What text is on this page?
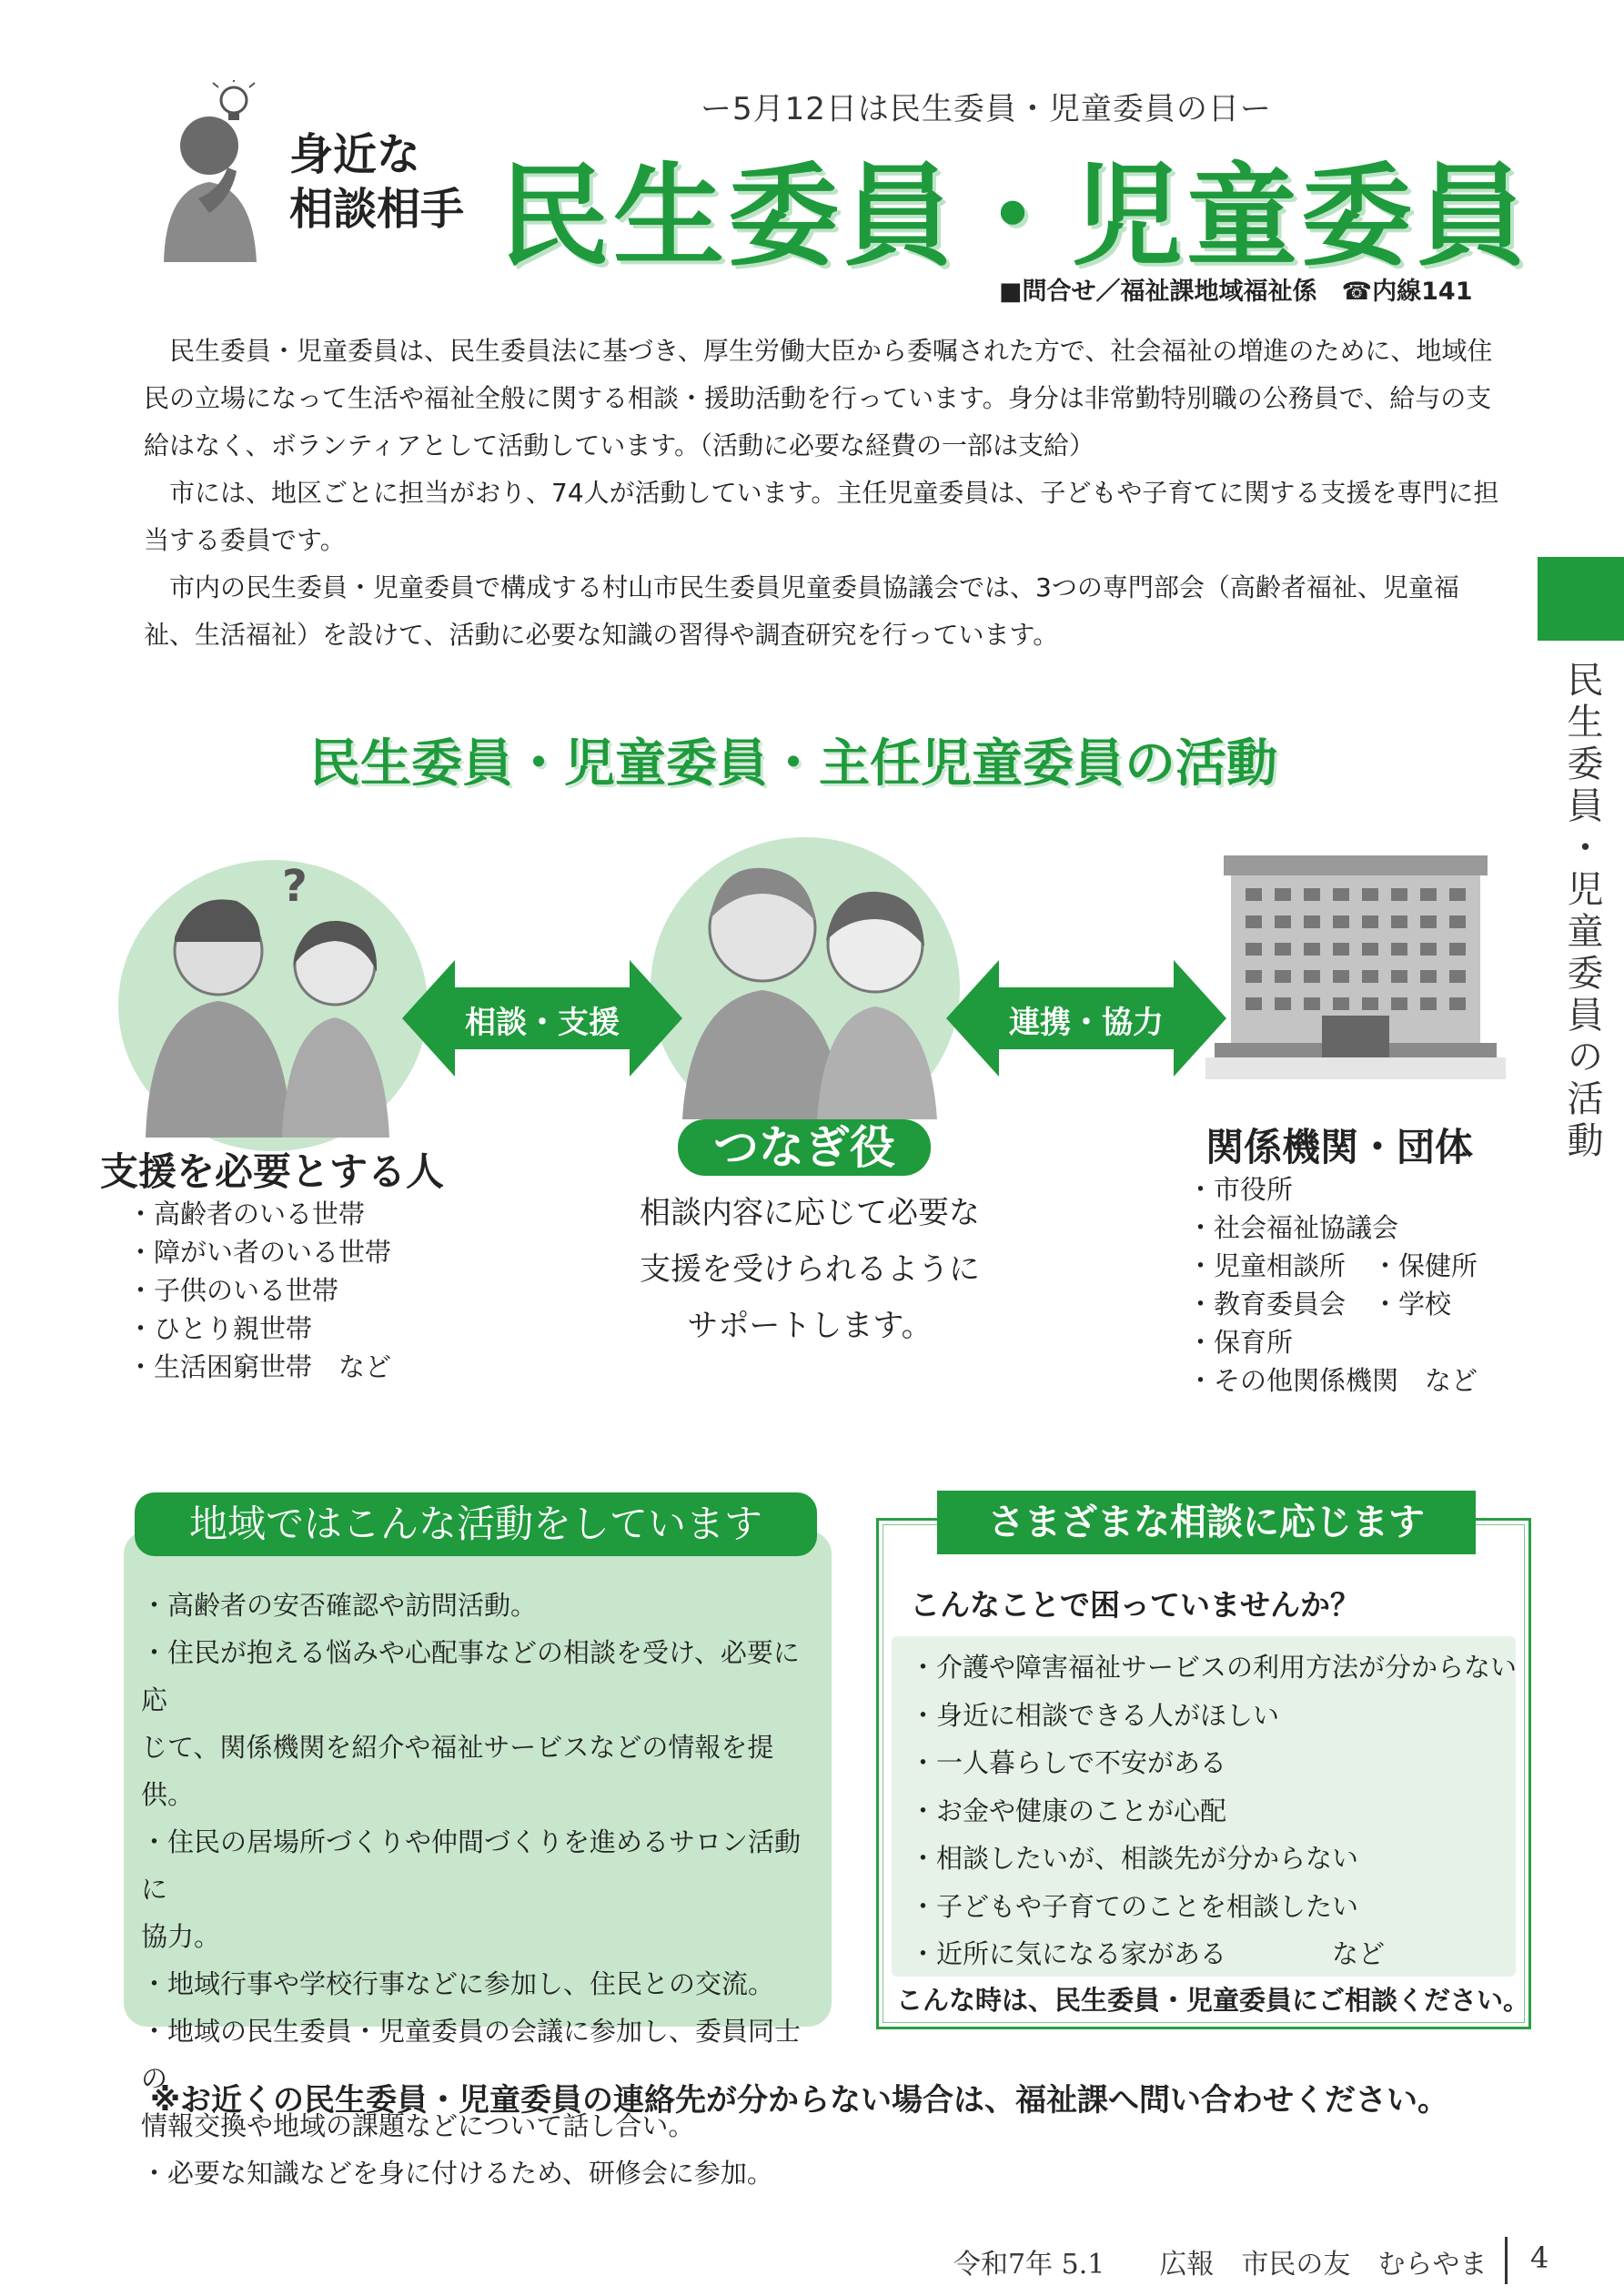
身近な
相談相手
ー5月12日は民生委員・児童委員の日ー
民生委員・児童委員
■問合せ／福祉課地域福祉係　☎内線141

民生委員・児童委員は、民生委員法に基づき、厚生労働大臣から委嘱された方で、社会福祉の増進のために、地域住民の立場になって生活や福祉全般に関する相談・援助活動を行っています。身分は非常勤特別職の公務員で、給与の支給はなく、ボランティアとして活動しています。（活動に必要な経費の一部は支給）

市には、地区ごとに担当がおり、74人が活動しています。主任児童委員は、子どもや子育てに関する支援を専門に担当する委員です。

市内の民生委員・児童委員で構成する村山市民生委員児童委員協議会では、3つの専門部会（高齢者福祉、児童福祉、生活福祉）を設けて、活動に必要な知識の習得や調査研究を行っています。

民生委員・児童委員の活動
民生委員・児童委員・主任児童委員の活動
?
つなぎ役
相談・支援	連携・協力
支援を必要とする人
・高齢者のいる世帯
・障がい者のいる世帯
・子供のいる世帯
・ひとり親世帯
・生活困窮世帯　など
相談内容に応じて必要な
支援を受けられるように
サポートします。
関係機関・団体
・市役所
・社会福祉協議会
・児童相談所　・保健所
・教育委員会　・学校
・保育所
・その他関係機関　など
地域ではこんな活動をしています
・高齢者の安否確認や訪問活動。
・住民が抱える悩みや心配事などの相談を受け、必要に応
じて、関係機関を紹介や福祉サービスなどの情報を提供。
・住民の居場所づくりや仲間づくりを進めるサロン活動に
協力。
・地域行事や学校行事などに参加し、住民との交流。
・地域の民生委員・児童委員の会議に参加し、委員同士の
情報交換や地域の課題などについて話し合い。
・必要な知識などを身に付けるため、研修会に参加。
さまざまな相談に応じます
こんなことで困っていませんか？
・介護や障害福祉サービスの利用方法が分からない
・身近に相談できる人がほしい
・一人暮らしで不安がある
・お金や健康のことが心配
・相談したいが、相談先が分からない
・子どもや子育てのことを相談したい
・近所に気になる家がある　　　　など
こんな時は、民生委員・児童委員にご相談ください。
※お近くの民生委員・児童委員の連絡先が分からない場合は、福祉課へ問い合わせください。
令和7年 5.1　　広報　市民の友　むらやま 4
